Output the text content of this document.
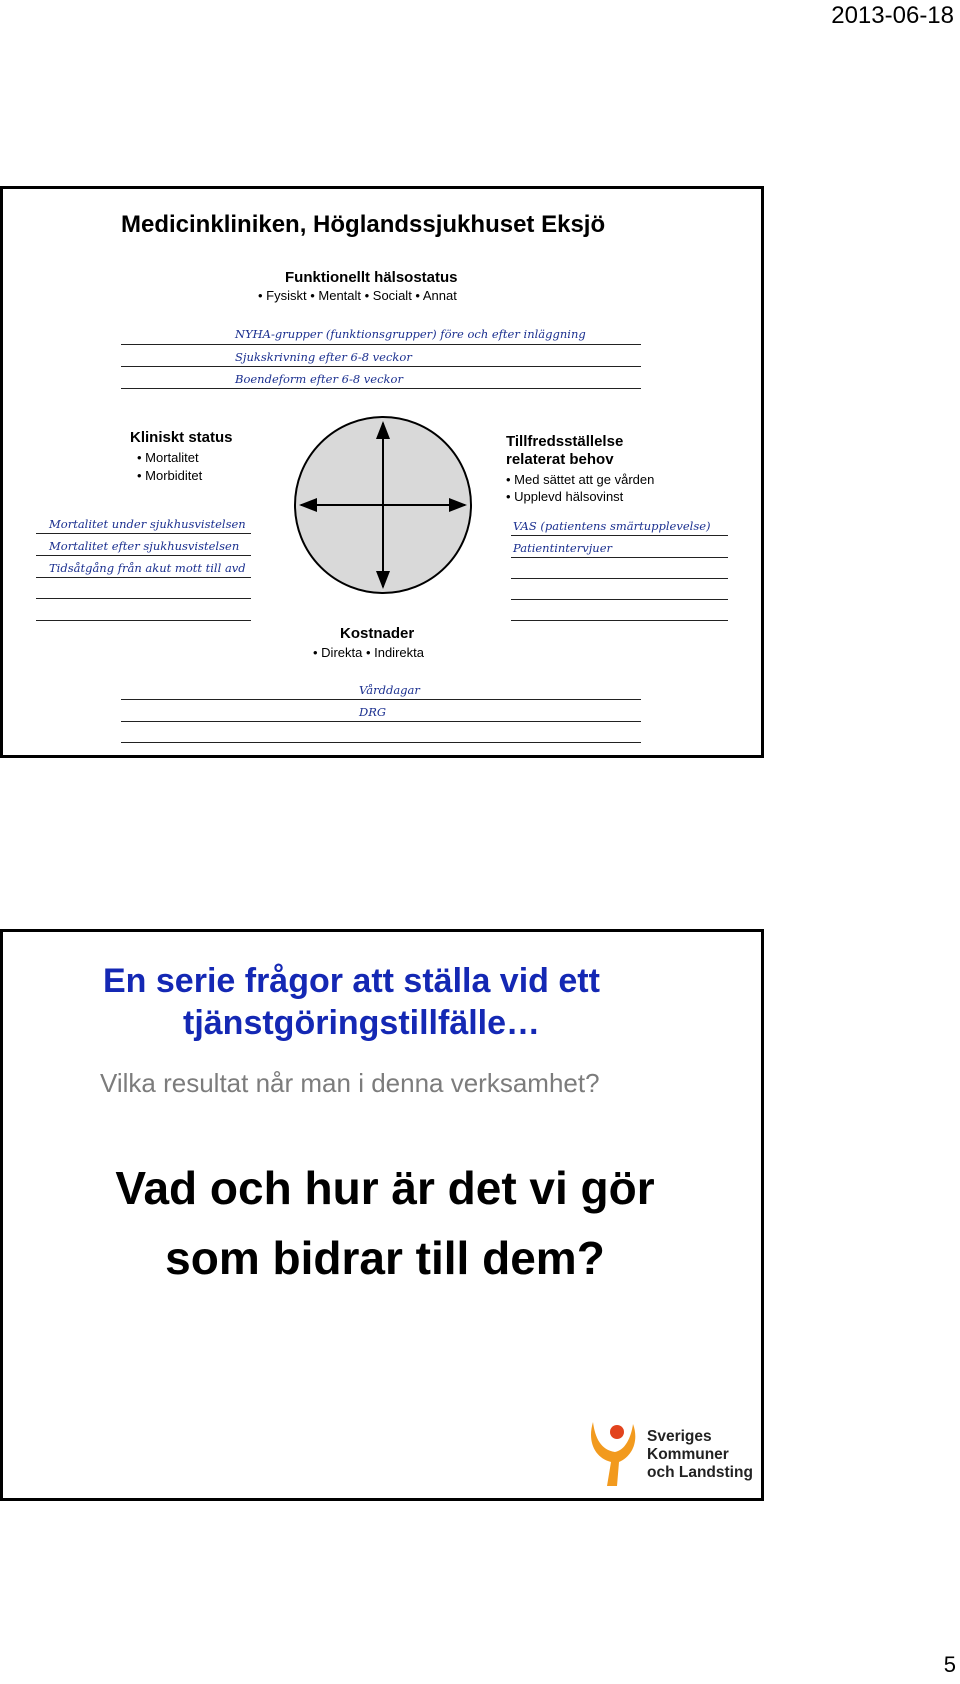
2013-06-18
Medicinkliniken, Höglandssjukhuset Eksjö
Funktionellt hälsostatus
• Fysiskt • Mentalt • Socialt • Annat
NYHA-grupper (funktionsgrupper) före och efter inläggning
Sjukskrivning efter 6-8 veckor
Boendeform efter 6-8 veckor
Kliniskt status
• Mortalitet
• Morbiditet
Mortalitet under sjukhusvistelsen
Mortalitet efter sjukhusvistelsen
Tidsåtgång från akut mott till avd
Tillfredsställelse
relaterat behov
• Med sättet att ge vården
• Upplevd hälsovinst
VAS (patientens smärtupplevelse)
Patientintervjuer
Kostnader
• Direkta • Indirekta
Vårddagar
DRG
En serie frågor att ställa vid ett
tjänstgöringstillfälle…
Vilka resultat når man i denna verksamhet?
Vad och hur är det vi gör
som bidrar till dem?
Sveriges
Kommuner
och Landsting
5
